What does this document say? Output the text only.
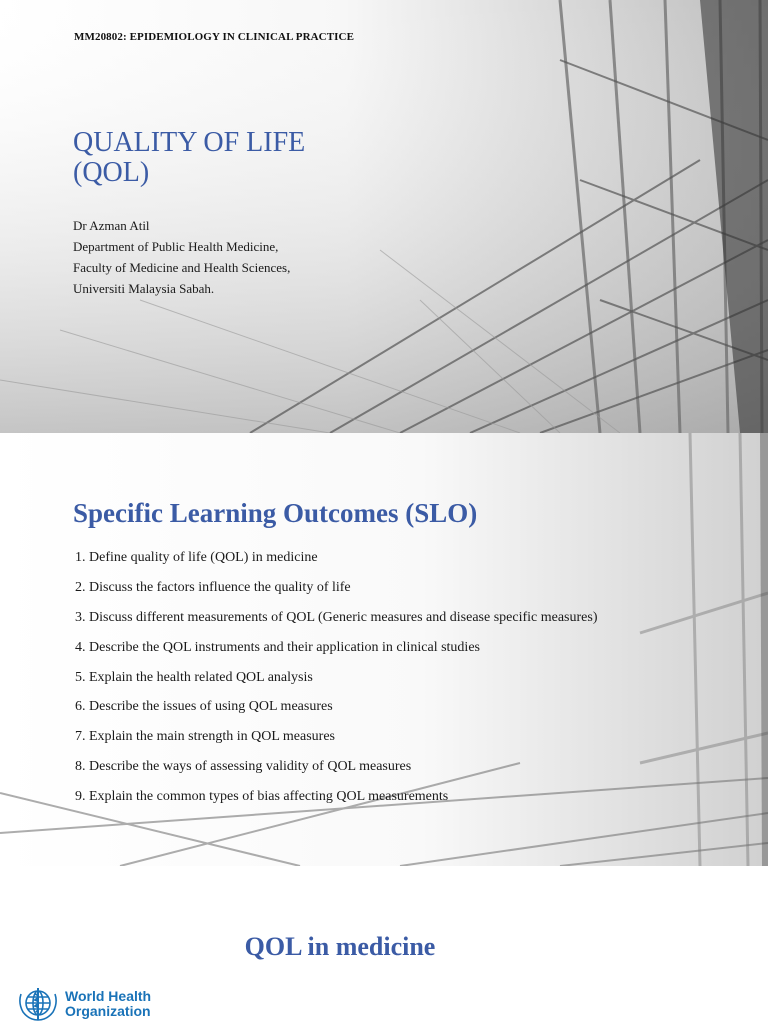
MM20802: EPIDEMIOLOGY IN CLINICAL PRACTICE
QUALITY OF LIFE
(QOL)
Dr Azman Atil
Department of Public Health Medicine,
Faculty of Medicine and Health Sciences,
Universiti Malaysia Sabah.
Specific Learning Outcomes (SLO)
1. Define quality of life (QOL) in medicine
2. Discuss the factors influence the quality of life
3. Discuss different measurements of QOL (Generic measures and disease specific measures)
4. Describe the QOL instruments and their application in clinical studies
5. Explain the health related QOL analysis
6. Describe the issues of using QOL measures
7. Explain the main strength in QOL measures
8. Describe the ways of assessing validity of QOL measures
9. Explain the common types of bias affecting QOL measurements
QOL in medicine
World Health
Organization
